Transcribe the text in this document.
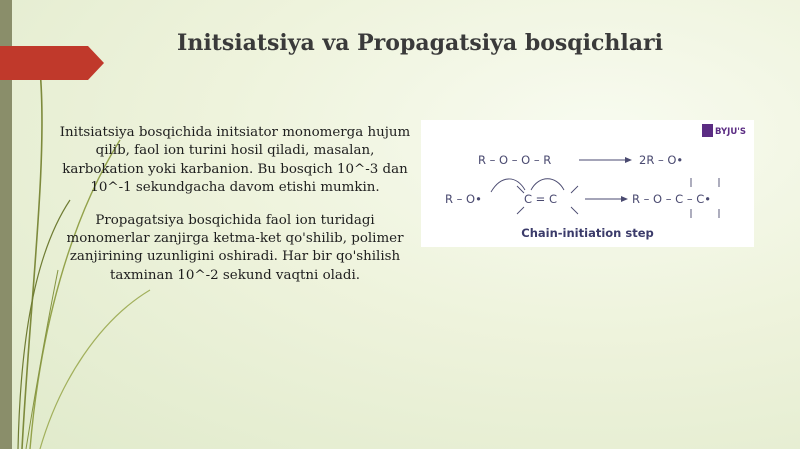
Initsiatsiya va Propagatsiya bosqichlari

Initsiatsiya bosqichida initsiator monomerga hujum qilib, faol ion turini hosil qiladi, masalan, karbokation yoki karbanion. Bu bosqich 10^-3 dan 10^-1 sekundgacha davom etishi mumkin.

Propagatsiya bosqichida faol ion turidagi monomerlar zanjirga ketma-ket qo'shilib, polimer zanjirining uzunligini oshiradi. Har bir qo'shilish taxminan 10^-2 sekund vaqtni oladi.

BYJU'S
R – O – O – R	2R – O•
R – O•	C = C	R – O – C – C•
Chain-initiation step
